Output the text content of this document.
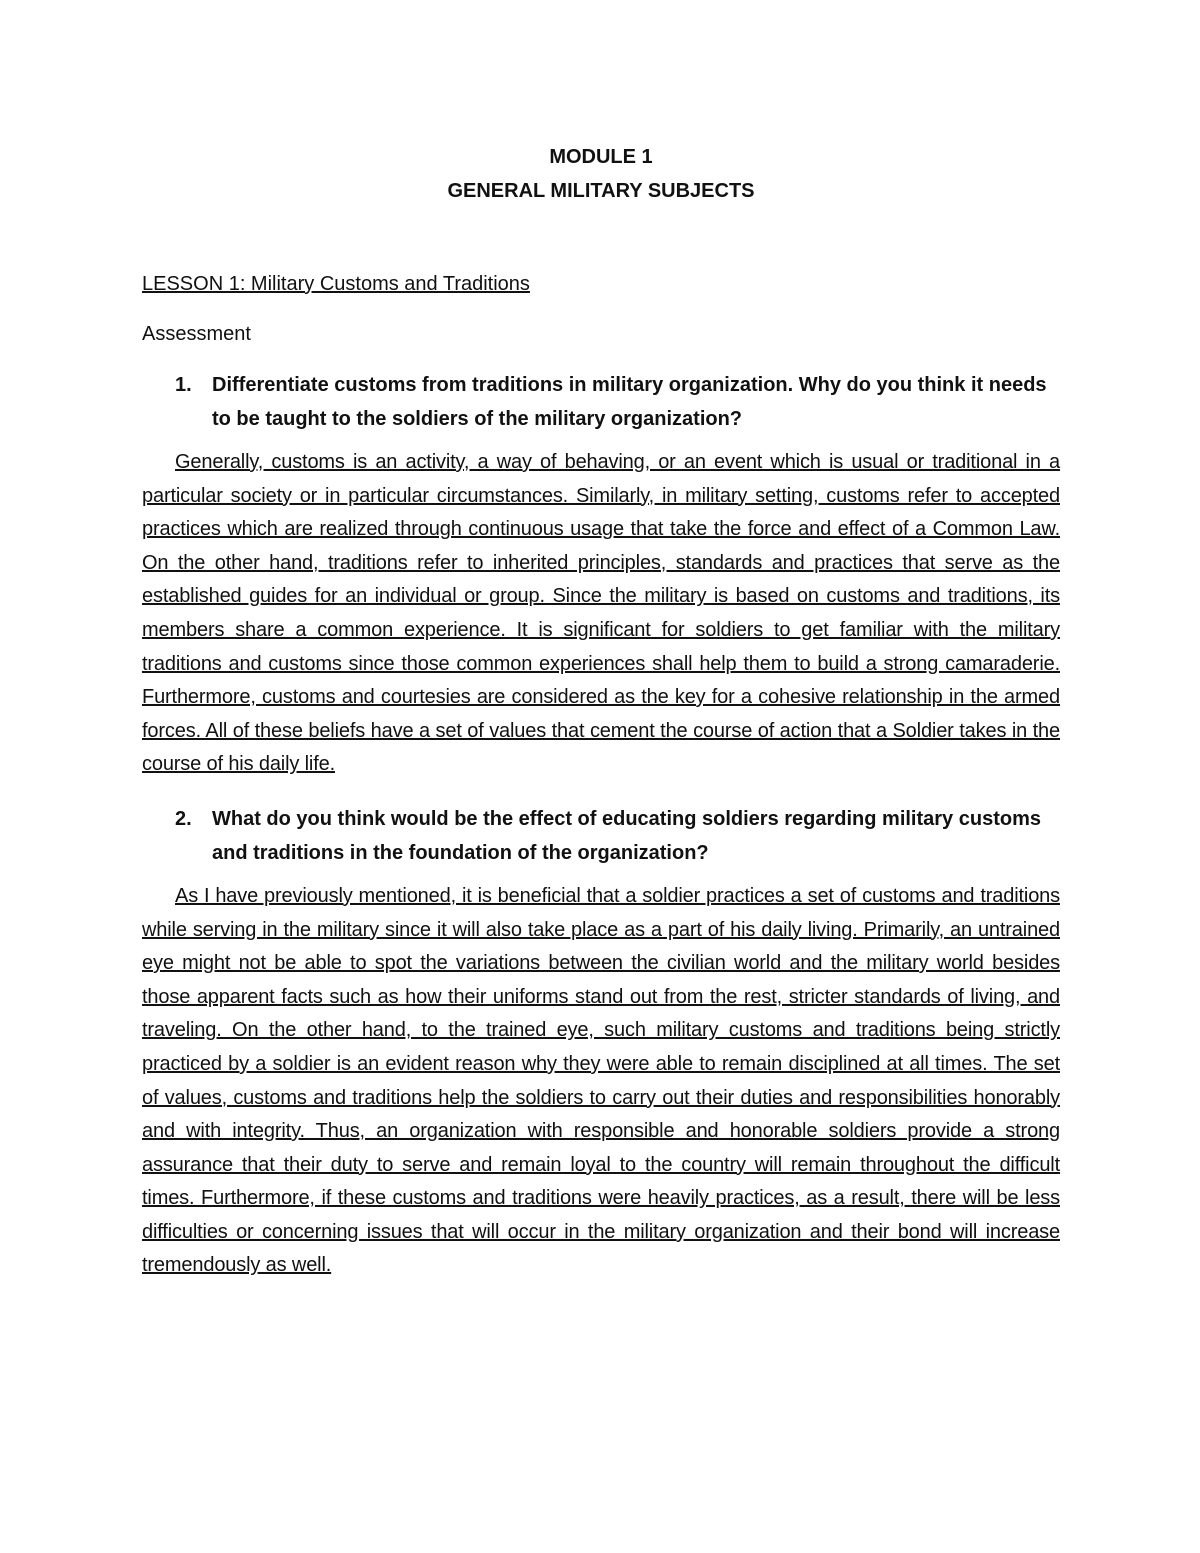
MODULE 1

GENERAL MILITARY SUBJECTS

LESSON 1: Military Customs and Traditions
Assessment
1.	Differentiate customs from traditions in military organization. Why do you think it needs to be taught to the soldiers of the military organization?

Generally, customs is an activity, a way of behaving, or an event which is usual or traditional in a particular society or in particular circumstances. Similarly, in military setting, customs refer to accepted practices which are realized through continuous usage that take the force and effect of a Common Law. On the other hand, traditions refer to inherited principles, standards and practices that serve as the established guides for an individual or group. Since the military is based on customs and traditions, its members share a common experience. It is significant for soldiers to get familiar with the military traditions and customs since those common experiences shall help them to build a strong camaraderie. Furthermore, customs and courtesies are considered as the key for a cohesive relationship in the armed forces. All of these beliefs have a set of values that cement the course of action that a Soldier takes in the course of his daily life.

2.	What do you think would be the effect of educating soldiers regarding military customs and traditions in the foundation of the organization?

As I have previously mentioned, it is beneficial that a soldier practices a set of customs and traditions while serving in the military since it will also take place as a part of his daily living. Primarily, an untrained eye might not be able to spot the variations between the civilian world and the military world besides those apparent facts such as how their uniforms stand out from the rest, stricter standards of living, and traveling. On the other hand, to the trained eye, such military customs and traditions being strictly practiced by a soldier is an evident reason why they were able to remain disciplined at all times. The set of values, customs and traditions help the soldiers to carry out their duties and responsibilities honorably and with integrity. Thus, an organization with responsible and honorable soldiers provide a strong assurance that their duty to serve and remain loyal to the country will remain throughout the difficult times. Furthermore, if these customs and traditions were heavily practices, as a result, there will be less difficulties or concerning issues that will occur in the military organization and their bond will increase tremendously as well.
